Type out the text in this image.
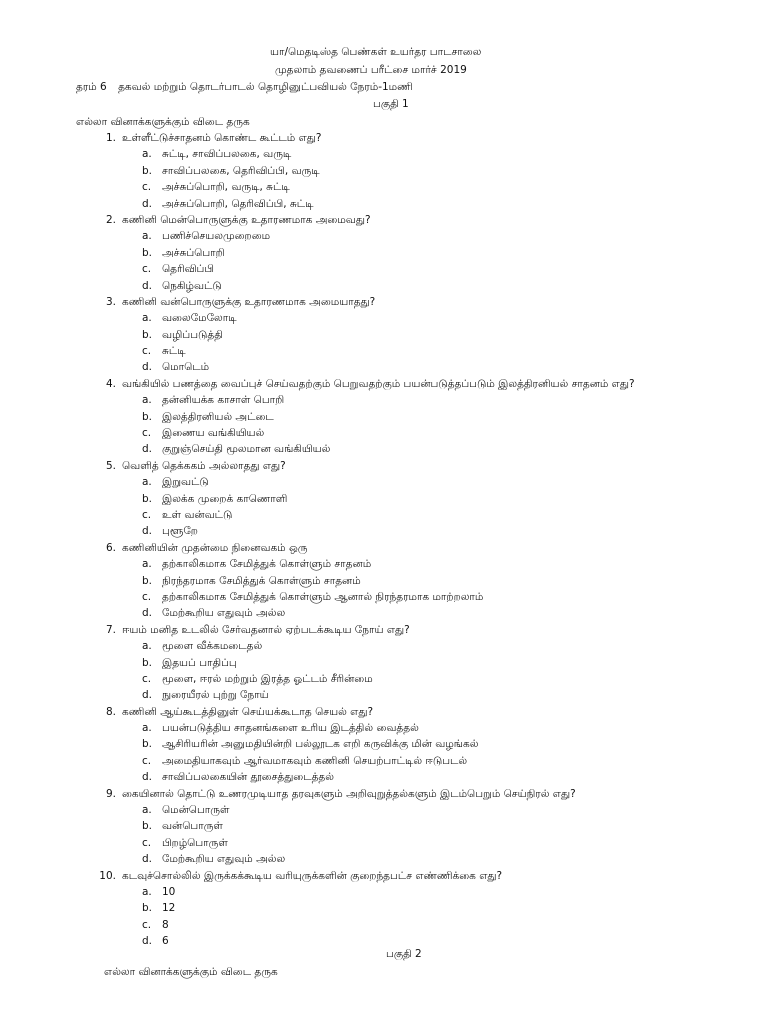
யா/மெதடிஸ்த பெண்கள் உயர்தர பாடசாலை
முதலாம் தவணைப் பரீட்சை மார்ச் 2019
தரம் 6 தகவல் மற்றும் தொடர்பாடல் தொழினுட்பவியல் நேரம்-1மணி
பகுதி 1
எல்லா வினாக்களுக்கும் விடை தருக
1. உள்ளீட்டுச்சாதனம் கொண்ட கூட்டம் எது?
a. சுட்டி, சாவிப்பலகை, வருடி
b. சாவிப்பலகை, தெரிவிப்பி, வருடி
c.	அச்சுப்பொறி, வருடி, சுட்டி
d. அச்சுப்பொறி, தெரிவிப்பி, சுட்டி
2. கணினி மென்பொருளுக்கு உதாரணமாக அமைவது?
a. பணிச்செயலமுறைமை
b. அச்சுப்பொறி
c.	தெரிவிப்பி
d. நெகிழ்வட்டு
3. கணினி வன்பொருளுக்கு உதாரணமாக அமையாதது?
a. வலைமேலோடி
b. வழிப்படுத்தி
c.	சுட்டி
d. மொடெம்
4. வங்கியில் பணத்தை வைப்புச் செய்வதற்கும் பெறுவதற்கும் பயன்படுத்தப்படும் இலத்திரனியல் சாதனம் எது?
a. தன்னியக்க காசாள் பொறி
b. இலத்திரனியல் அட்டை
c.	இணைய வங்கியியல்
d. குறுஞ்செய்தி மூலமான வங்கியியல்
5. வெளித் தெக்ககம் அல்லாதது எது?
a. இறுவட்டு
b. இலக்க முறைக் காணொளி
c.	உள் வன்வட்டு
d. புளூறே
6. கணினியின் முதன்மை நினைவகம் ஒரு
a. தற்காலிகமாக சேமித்துக் கொள்ளும் சாதனம்
b. நிரந்தரமாக சேமித்துக் கொள்ளும் சாதனம்
c.	தற்காலிகமாக சேமித்துக் கொள்ளும் ஆனால் நிரந்தரமாக மாற்றலாம்
d. மேற்கூறிய எதுவும் அல்ல
7. ஈயம் மனித உடலில் சேர்வதனால் ஏற்படக்கூடிய நோய் எது?
a. மூளை வீக்கமடைதல்
b. இதயப் பாதிப்பு
c.	மூளை, ஈரல் மற்றும் இரத்த ஓட்டம் சீரின்மை
d. நுரையீரல் புற்று நோய்
8. கணினி ஆய்கூடத்தினுள் செய்யக்கூடாத செயல் எது?
a. பயன்படுத்திய சாதனங்களை உரிய இடத்தில் வைத்தல்
b. ஆசிரியரின் அனுமதியின்றி பல்லூடக எறி கருவிக்கு மின் வழங்கல்
c.	அமைதியாகவும் ஆர்வமாகவும் கணினி செயற்பாட்டில் ஈடுபடல்
d. சாவிப்பலகையின் தூசைத்துடைத்தல்
9. கையினால் தொட்டு உணரமுடியாத தரவுகளும் அறிவுறுத்தல்களும் இடம்பெறும் செய்நிரல் எது?
a. மென்பொருள்
b. வன்பொருள்
c.	பிறழ்பொருள்
d. மேற்கூறிய எதுவும் அல்ல
10. கடவுச்சொல்லில் இருக்கக்கூடிய வரியுருக்களின் குறைந்தபட்ச எண்ணிக்கை எது?
a. 10
b. 12
c.	8
d. 6
பகுதி 2
எல்லா வினாக்களுக்கும் விடை தருக
